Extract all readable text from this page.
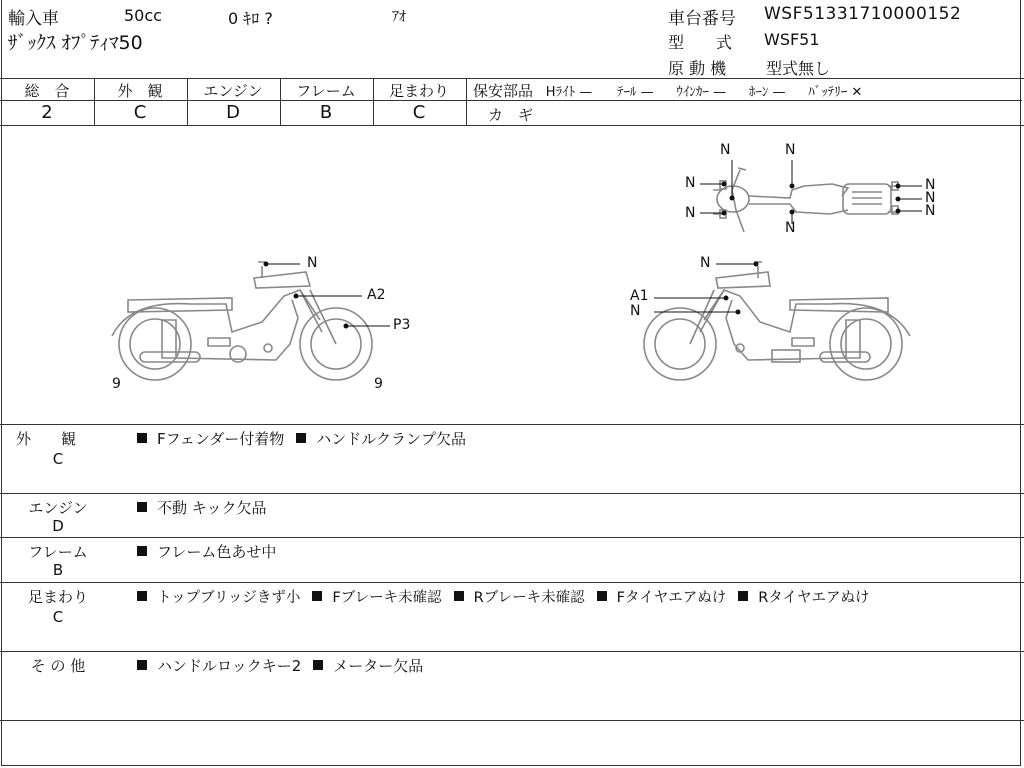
輸入車	50cc	0 ｷﾛ ?	ｱｵ
ｻﾞｯｸｽ ｵﾌﾟﾃｨﾏ50
車台番号 WSF51331710000152
型　　式 WSF51
原 動 機 型式無し
総　合	外　観	エンジン	フレーム	足まわり
2	C	D	B	C
保安部品 Hﾗｲﾄ — ﾃｰﾙ — ｳｲﾝｶｰ — ﾎｰﾝ — ﾊﾞｯﾃﾘｰ ✕
カ　ギ
N	N
N
N
N
N
N
N
N
A2
P3
9	9
N
A1
N
外　　観
C
Fフェンダー付着物 ハンドルクランプ欠品
エンジン
D
不動 キック欠品
フレーム
B
フレーム色あせ中
足まわり
C
トップブリッジきず小 Fブレーキ未確認 Rブレーキ未確認 Fタイヤエアぬけ Rタイヤエアぬけ
そ の 他	ハンドルロックキー2 メーター欠品
